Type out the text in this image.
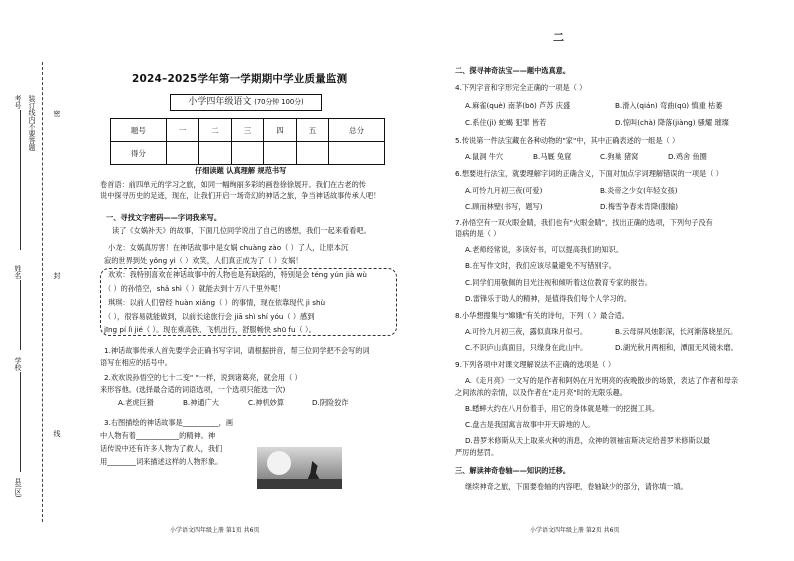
装订线内不要答题
考号
姓名
学校
县(区)
密
封
线
2024–2025学年第一学期期中学业质量监测
小学四年级语文 (70分钟 100分)
题号	一	二	三	四	五	总分
得分						
仔细读题 认真理解 规范书写
卷首语：前四单元的学习之旅，如同一幅绚丽多彩的画卷徐徐展开。我们在古老的传
说中探寻历史的足迹，现在，让我们开启一场奇幻的神话之旅，争当神话故事传承人吧！
一、寻找文字密码——字词我来写。
读了《女娲补天》的故事，下面几位同学说出了自己的感想，我们一起来看看吧。
小龙：女娲真厉害！在神话故事中是女娲 chuàng zào（ ）了人，让原本沉
寂的世界到处 yǒng yì（ ）欢笑，人们真正成为了（ ）女娲！
欢欢：我特别喜欢在神话故事中的人物也是有缺陷的，特别是会 téng yún jià wù
（ ）的孙悟空，shǎ shì（ ）就能去到十万八千里外呢！
琪琪：以前人们曾经 huàn xiǎng（ ）的事情，现在依靠现代 jì shù
（ ），很容易就能做到，以前长途旅行会 jiā shì shí yóu（ ）感到
jīng pí lì jié（ ）。现在乘高铁、飞机出行，舒服畅快 shū fu（ ）。
1.神话故事传承人首先要学会正确书写字词，请根据拼音，帮三位同学把不会写的词
语写在相应的括号中。
2.欢欢说孙悟空的七十二变" "一样，说到诸葛亮，就会用（ ）
来形容他。(选择最合适的词语选项，一个选项只能选一次)
A.老虎巨猾	B.神通广大	C.神机妙算	D.阴险狡诈
3.右图描绘的神话故事是__________，画
中人物有着____________的精神。神
话传说中还有许多人物为了救人，我们
用________词来描述这样的人物形象。
小学语文四年级上册 第1页 共6页
二
二、探寻神奇法宝——题中选真意。
4.下列字音和字形完全正确的一项是（ ）
A.麻雀(què) 南茅(bō) 芦苏 庆盛	B.滑入(qián) 弯曲(qū) 慎重 枯萎
C.系住(jì) 蛇蝎 犯罪 皆若	D.惊叫(chà) 降落(jiàng) 骚耀 璀璨
5.传说第一件法宝藏在各种动物的"家"中，其中正确表述的一组是（ ）
A.鼠洞 牛穴	B.马厩 兔窟	C.狗巢 猪窝	D.鸡舍 鱼圈
6.想要进行法宝，就要理解字词的正确含义，下面对加点字词理解错误的一项是（ ）
A.可怜九月初三夜(可爱)	B.炎帝之少女(年轻女孩)
C.顾而林壁(书写，题写)	D.梅雪争春未肯降(服输)
7.孙悟空有一双火眼金睛，我们也有"火眼金睛"，找出正确的选项，下列句子没有
语病的是（ ）
A.老师经常说，多读好书，可以提高我们的知识。
B.在写作文时，我们应该尽量避免不写错别字。
C.同学们用敬佩的目光注视和倾听着这位教育专家的报告。
D.雷锋乐于助人的精神，是值得我们每个人学习的。
8.小华想搜集与"嫦娥"有关的诗句，下列（ ）最合适。
A.可怜九月初三夜，露似真珠月似弓。	B.云母屏风烛影深，长河渐落晓星沉。
C.不识庐山真面目，只缘身在此山中。	D.湖光秋月两相和，潭面无风镜未磨。
9.下列各项中对课文理解说法不正确的选项是（ ）
A.《走月亮》一文写的是作者和阿妈在月光明亮的夜晚散步的场景，表达了作者和母亲
之间浓浓的亲情，以及作者在"走月亮"时的无限乐趣。
B.蟋蟀大约在八月份着手，用它的身体就是唯一的挖掘工具。
C.盘古是我国寓言故事中开天辟地的人。
D.普罗米修斯从天上取来火种的消息，众神的领袖宙斯决定给普罗米修斯以最
严厉的惩罚。
三、解读神奇卷轴——知识的迁移。
继续神奇之旅，下面要卷轴的内容吧，卷轴缺少的部分，请你填一填。
小学语文四年级上册 第2页 共6页
